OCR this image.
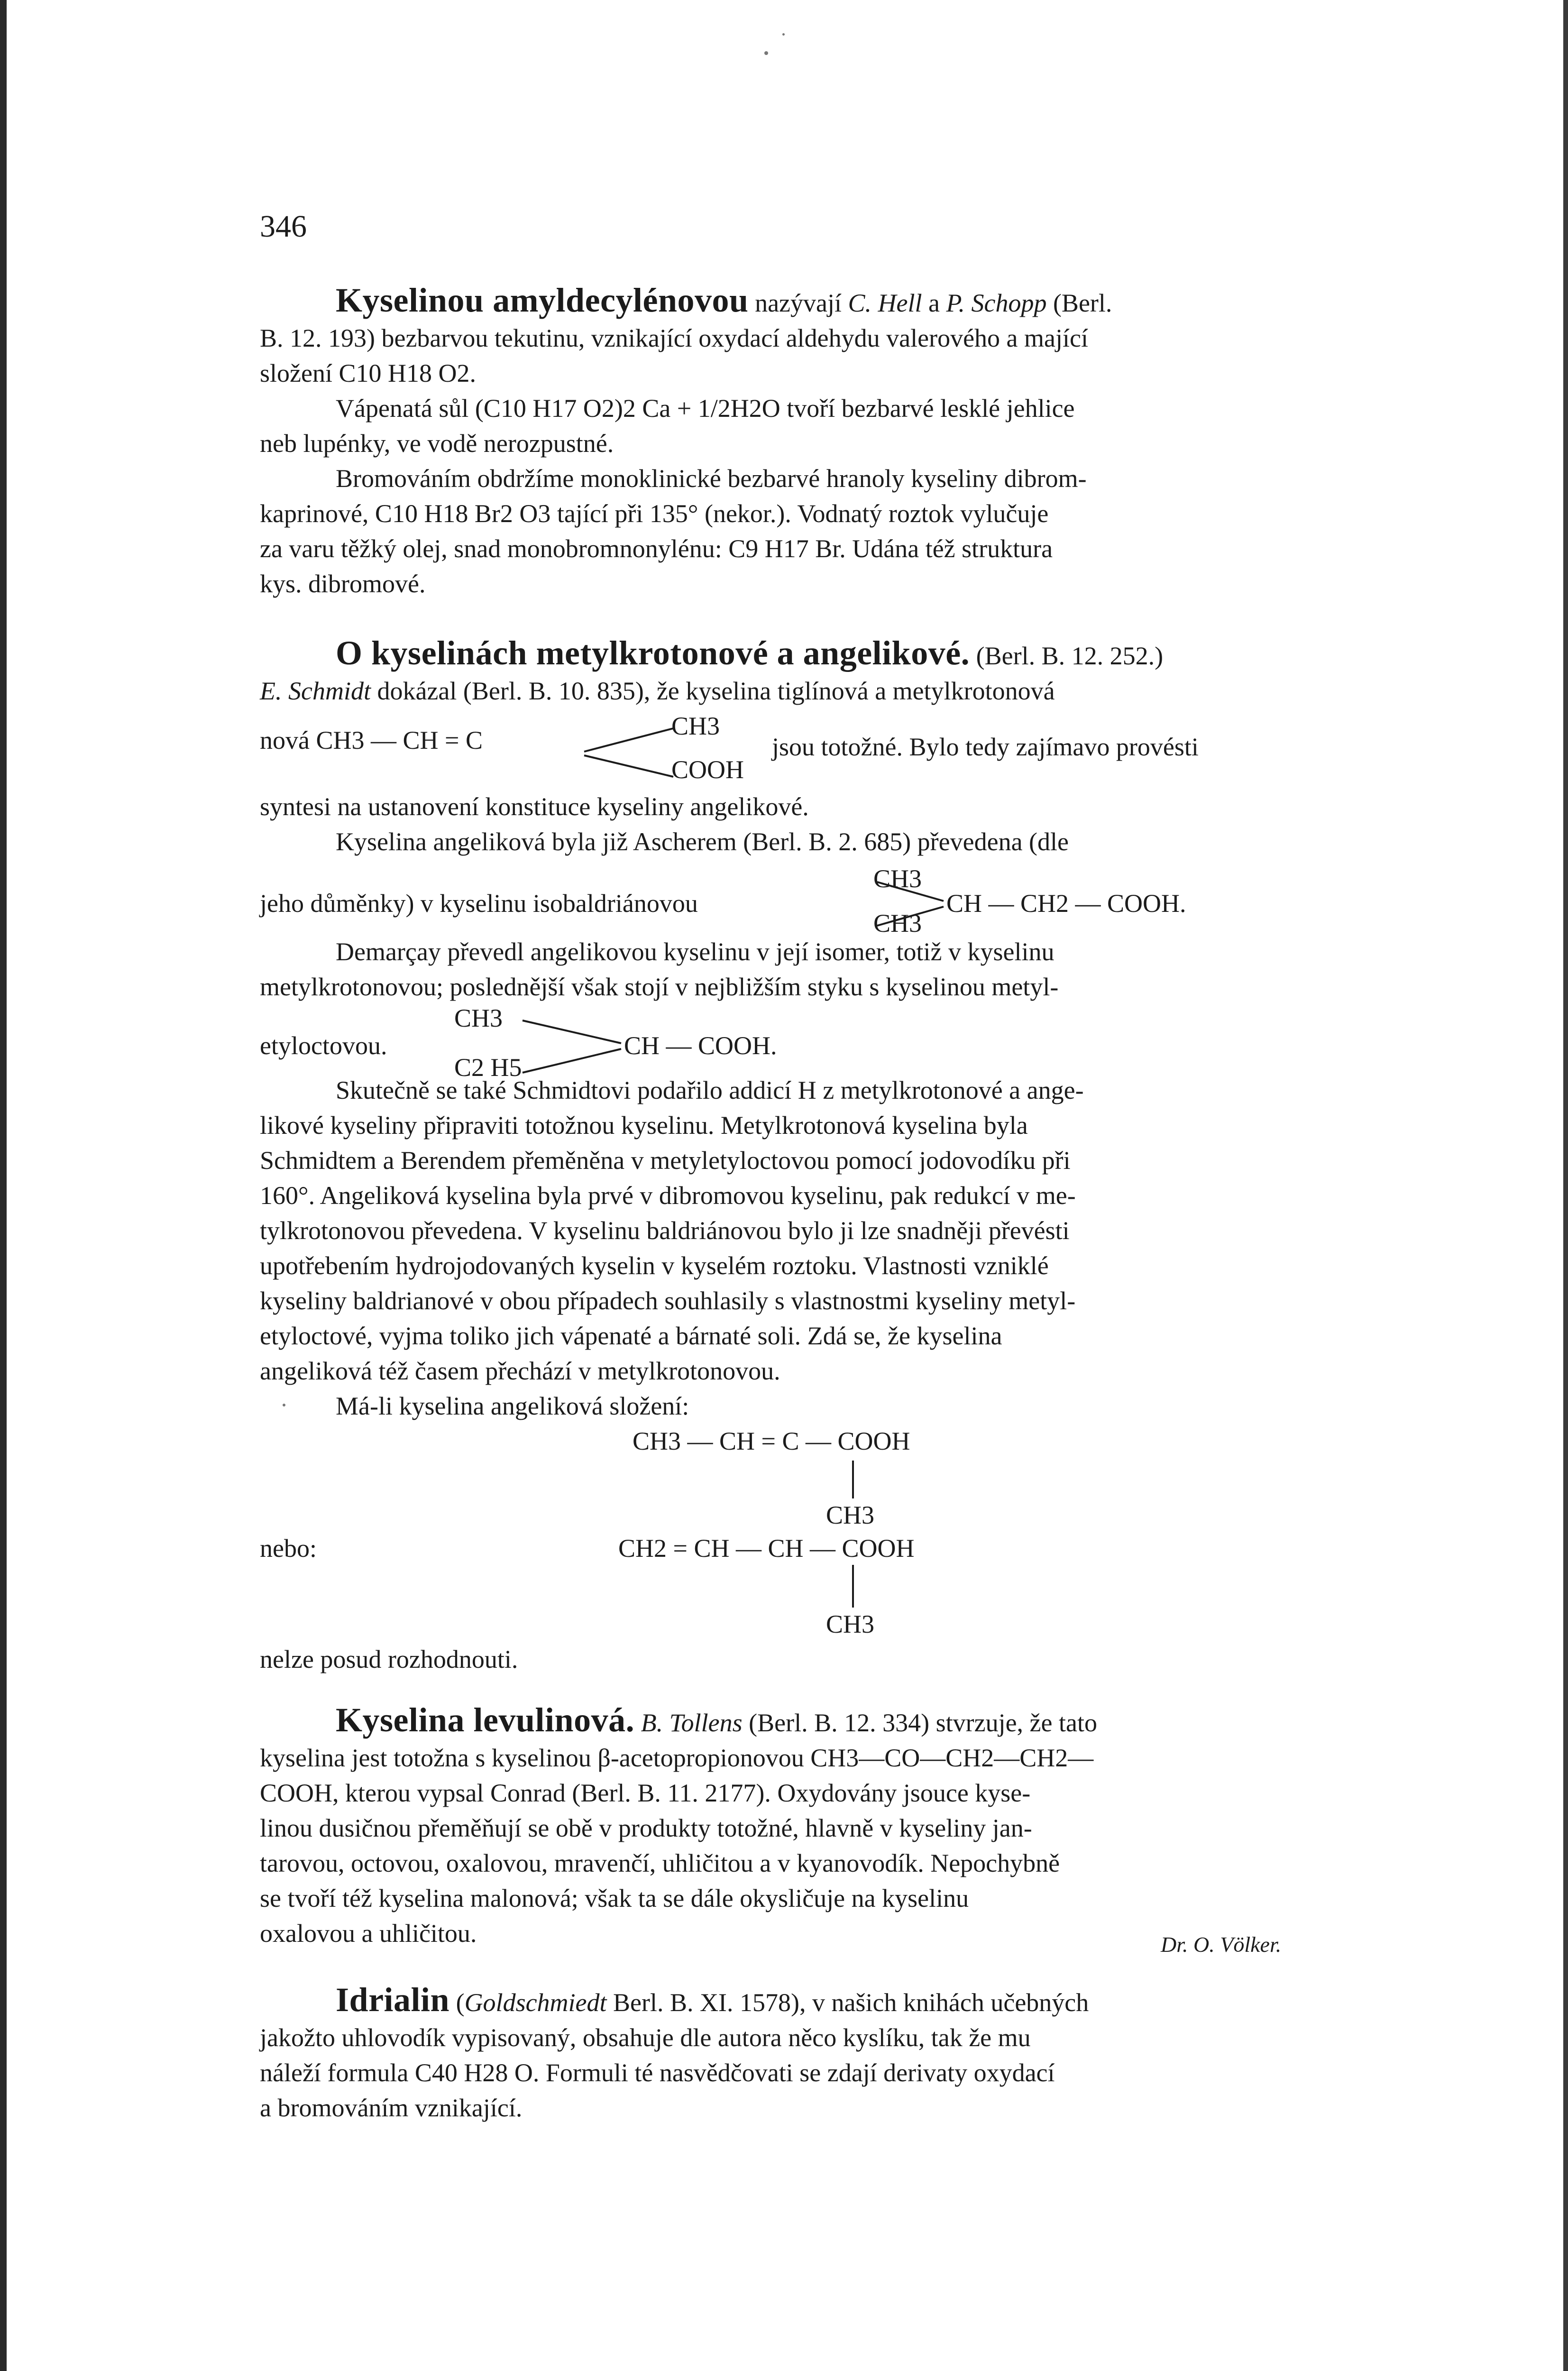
346

Kyselinou amyldecylénovou nazývají C. Hell a P. Schopp (Berl.

B. 12. 193) bezbarvou tekutinu, vznikající oxydací aldehydu valerového a mající

složení C10 H18 O2.

Vápenatá sůl (C10 H17 O2)2 Ca + 1/2H2O tvoří bezbarvé lesklé jehlice

neb lupénky, ve vodě nerozpustné.

Bromováním obdržíme monoklinické bezbarvé hranoly kyseliny dibrom-

kaprinové, C10 H18 Br2 O3 tající při 135° (nekor.). Vodnatý roztok vylučuje

za varu těžký olej, snad monobromnonylénu: C9 H17 Br. Udána též struktura

kys. dibromové.

O kyselinách metylkrotonové a angelikové. (Berl. B. 12. 252.)

E. Schmidt dokázal (Berl. B. 10. 835), že kyselina tiglínová a metylkrotonová

nová CH3 — CH = C	CH3
COOH
jsou totožné. Bylo tedy zajímavo provésti

syntesi na ustanovení konstituce kyseliny angelikové.

Kyselina angeliková byla již Ascherem (Berl. B. 2. 685) převedena (dle

jeho důměnky) v kyselinu isobaldriánovou
CH3
CH3
CH — CH2 — COOH.

Demarçay převedl angelikovou kyselinu v její isomer, totiž v kyselinu

metylkrotonovou; poslednější však stojí v nejbližším styku s kyselinou metyl-

etyloctovou.
CH3
C2 H5
CH — COOH.

Skutečně se také Schmidtovi podařilo addicí H z metylkrotonové a ange-

likové kyseliny připraviti totožnou kyselinu. Metylkrotonová kyselina byla

Schmidtem a Berendem přeměněna v metyletyloctovou pomocí jodovodíku při

160°. Angeliková kyselina byla prvé v dibromovou kyselinu, pak redukcí v me-

tylkrotonovou převedena. V kyselinu baldriánovou bylo ji lze snadněji převésti

upotřebením hydrojodovaných kyselin v kyselém roztoku. Vlastnosti vzniklé

kyseliny baldrianové v obou případech souhlasily s vlastnostmi kyseliny metyl-

etyloctové, vyjma toliko jich vápenaté a bárnaté soli. Zdá se, že kyselina

angeliková též časem přechází v metylkrotonovou.

Má-li kyselina angeliková složení:

CH3 — CH = C — COOH
CH3
nebo:	CH2 = CH — CH — COOH
CH3
nelze posud rozhodnouti.

Kyselina levulinová. B. Tollens (Berl. B. 12. 334) stvrzuje, že tato

kyselina jest totožna s kyselinou β-acetopropionovou CH3—CO—CH2—CH2—

COOH, kterou vypsal Conrad (Berl. B. 11. 2177). Oxydovány jsouce kyse-

linou dusičnou přeměňují se obě v produkty totožné, hlavně v kyseliny jan-

tarovou, octovou, oxalovou, mravenčí, uhličitou a v kyanovodík. Nepochybně

se tvoří též kyselina malonová; však ta se dále okysličuje na kyselinu

oxalovou a uhličitou.	Dr. O. Völker.

Idrialin (Goldschmiedt Berl. B. XI. 1578), v našich knihách učebných

jakožto uhlovodík vypisovaný, obsahuje dle autora něco kyslíku, tak že mu

náleží formula C40 H28 O. Formuli té nasvědčovati se zdají derivaty oxydací

a bromováním vznikající.
